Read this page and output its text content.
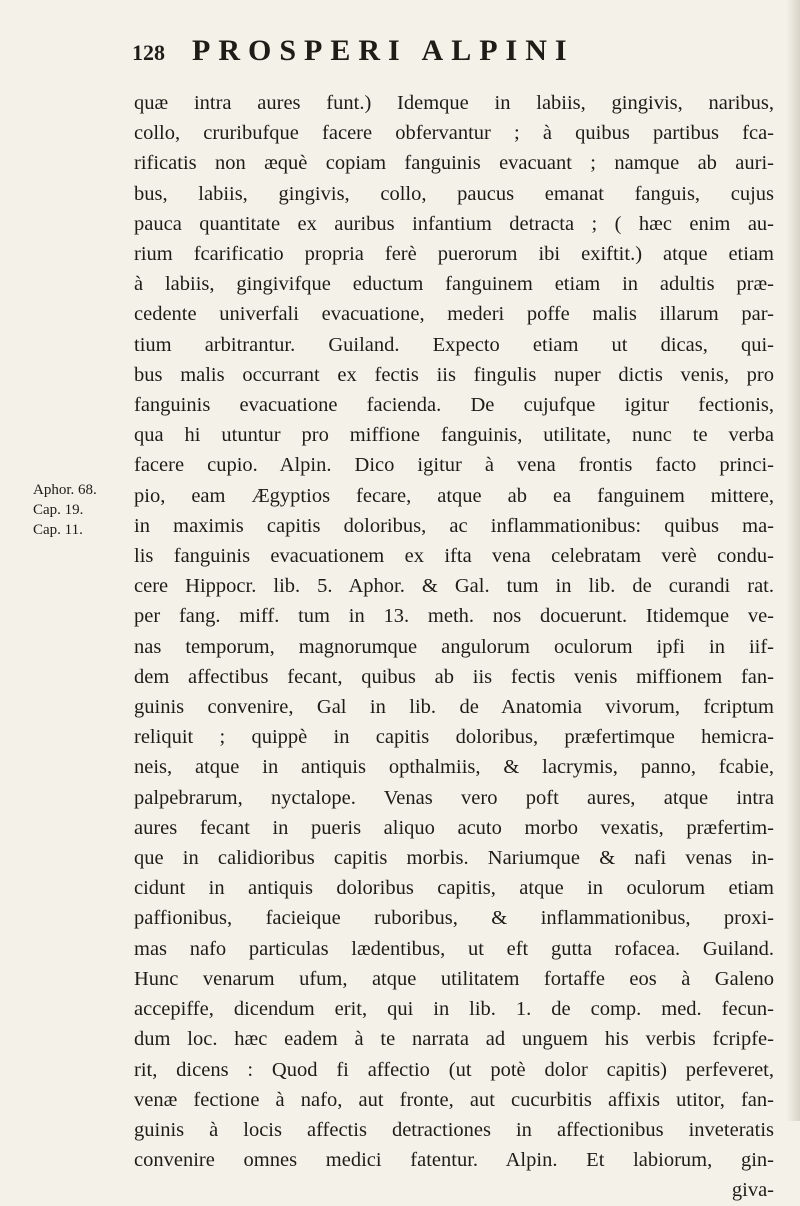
128 PROSPERI ALPINI
Aphor. 68.
Cap. 19.
Cap. 11.
quæ intra aures funt.) Idemque in labiis, gingivis, naribus,
collo, cruribufque facere obfervantur ; à quibus partibus fca-
rificatis non æquè copiam fanguinis evacuant ; namque ab auri-
bus, labiis, gingivis, collo, paucus emanat fanguis, cujus
pauca quantitate ex auribus infantium detracta ; ( hæc enim au-
rium fcarificatio propria ferè puerorum ibi exiftit.) atque etiam
à labiis, gingivifque eductum fanguinem etiam in adultis præ-
cedente univerfali evacuatione, mederi poffe malis illarum par-
tium arbitrantur. Guiland. Expecto etiam ut dicas, qui-
bus malis occurrant ex fectis iis fingulis nuper dictis venis, pro
fanguinis evacuatione facienda. De cujufque igitur fectionis,
qua hi utuntur pro miffione fanguinis, utilitate, nunc te verba
facere cupio. Alpin. Dico igitur à vena frontis facto princi-
pio, eam Ægyptios fecare, atque ab ea fanguinem mittere,
in maximis capitis doloribus, ac inflammationibus: quibus ma-
lis fanguinis evacuationem ex ifta vena celebratam verè condu-
cere Hippocr. lib. 5. Aphor. & Gal. tum in lib. de curandi rat.
per fang. miff. tum in 13. meth. nos docuerunt. Itidemque ve-
nas temporum, magnorumque angulorum oculorum ipfi in iif-
dem affectibus fecant, quibus ab iis fectis venis miffionem fan-
guinis convenire, Gal in lib. de Anatomia vivorum, fcriptum
reliquit ; quippè in capitis doloribus, præfertimque hemicra-
neis, atque in antiquis opthalmiis, & lacrymis, panno, fcabie,
palpebrarum, nyctalope. Venas vero poft aures, atque intra
aures fecant in pueris aliquo acuto morbo vexatis, præfertim-
que in calidioribus capitis morbis. Nariumque & nafi venas in-
cidunt in antiquis doloribus capitis, atque in oculorum etiam
paffionibus, facieique ruboribus, & inflammationibus, proxi-
mas nafo particulas lædentibus, ut eft gutta rofacea. Guiland.
Hunc venarum ufum, atque utilitatem fortaffe eos à Galeno
accepiffe, dicendum erit, qui in lib. 1. de comp. med. fecun-
dum loc. hæc eadem à te narrata ad unguem his verbis fcripfe-
rit, dicens : Quod fi affectio (ut potè dolor capitis) perfeveret,
venæ fectione à nafo, aut fronte, aut cucurbitis affixis utitor, fan-
guinis à locis affectis detractiones in affectionibus inveteratis
convenire omnes medici fatentur. Alpin. Et labiorum, gin-
giva-
